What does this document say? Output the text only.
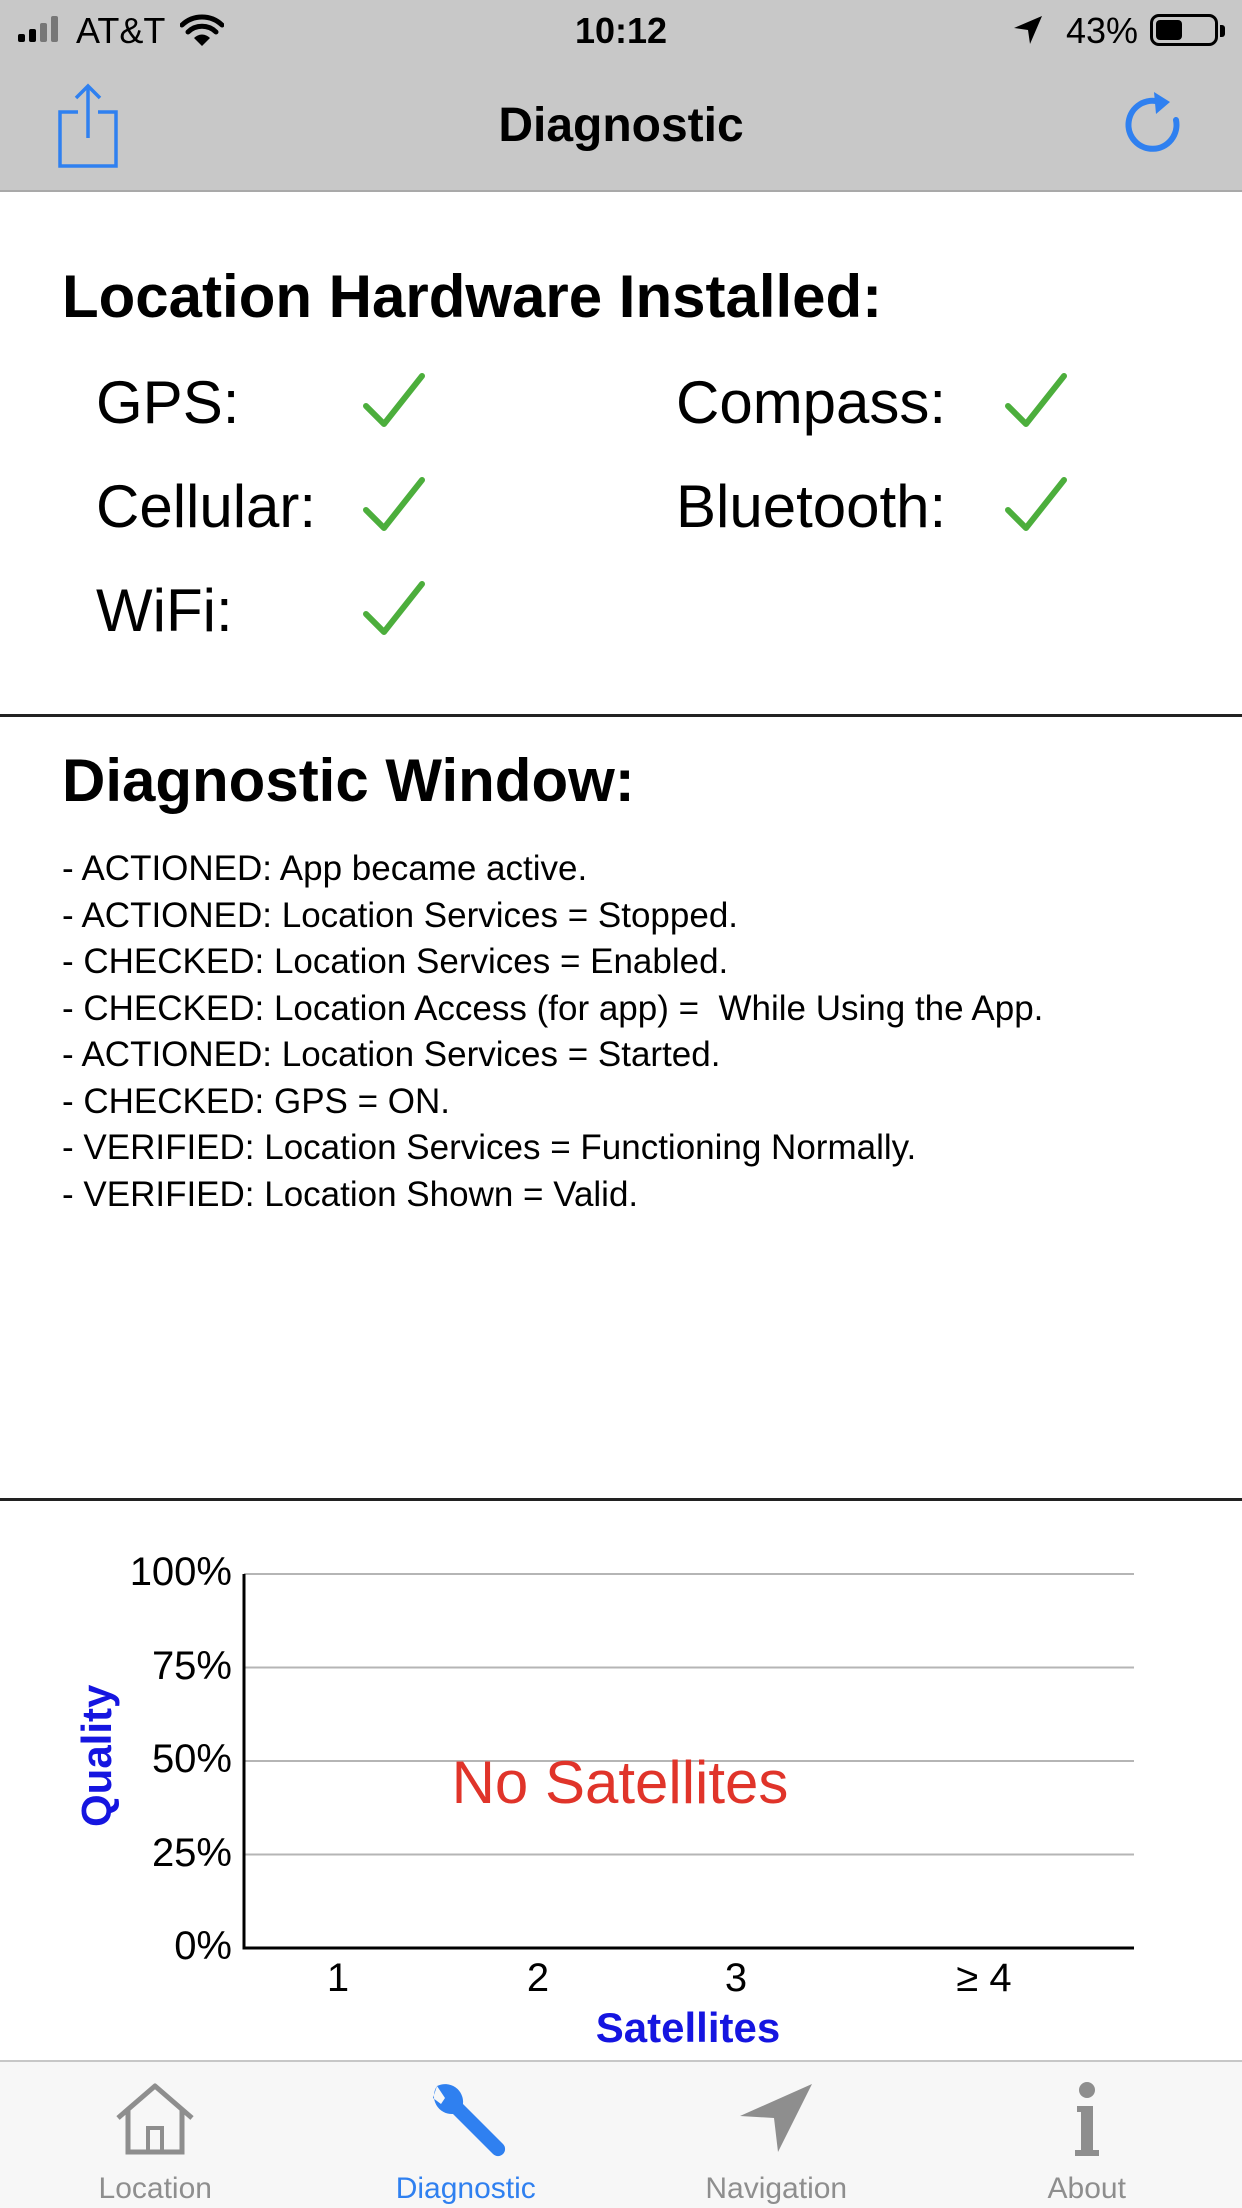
AT&T	10:12	43%
Diagnostic
Location Hardware Installed:
GPS:	Compass:
Cellular:	Bluetooth:
WiFi:
Diagnostic Window:
- ACTIONED: App became active.
- ACTIONED: Location Services = Stopped.
- CHECKED: Location Services = Enabled.
- CHECKED: Location Access (for app) =  While Using the App.
- ACTIONED: Location Services = Started.
- CHECKED: GPS = ON.
- VERIFIED: Location Services = Functioning Normally.
- VERIFIED: Location Shown = Valid.
0%
25%
50%
75%
100%
1	2	3	≥ 4
Quality
Satellites
No Satellites
Location	Diagnostic	Navigation	About
